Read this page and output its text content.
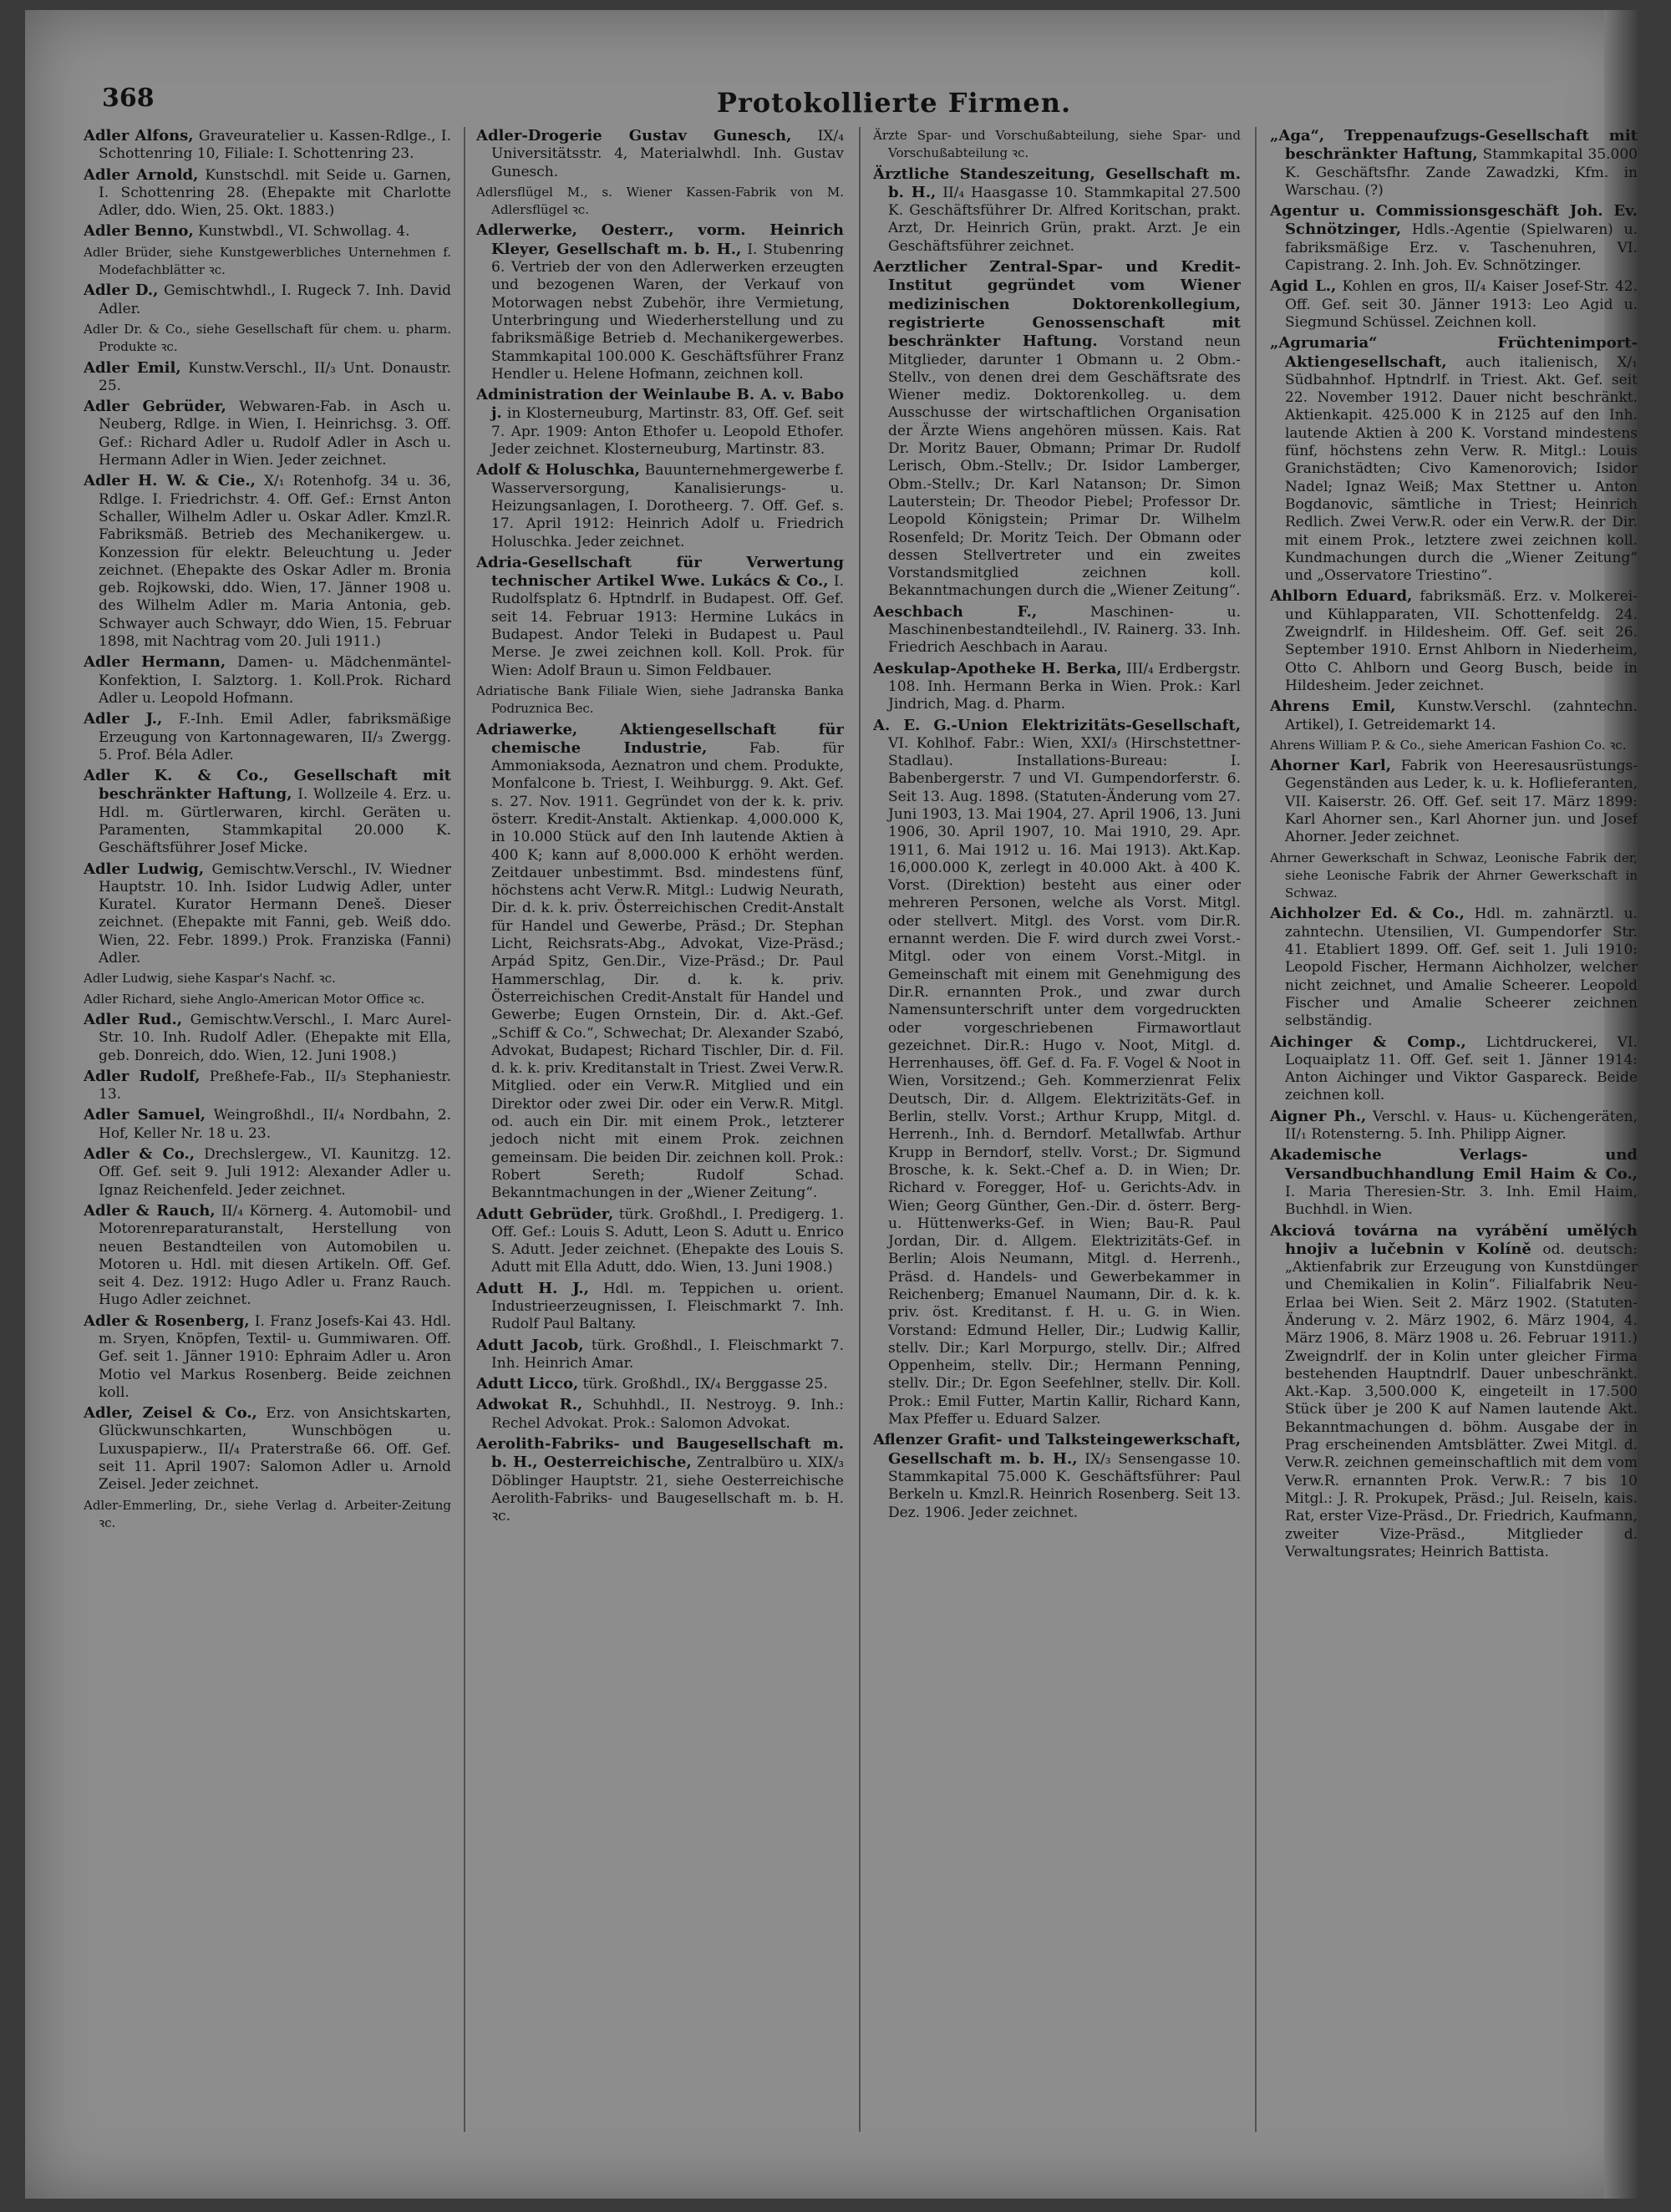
368	Protokollierte Firmen.

Adler Alfons, Graveuratelier u. Kassen-Rdlge., I. Schottenring 10, Filiale: I. Schottenring 23.

Adler Arnold, Kunstschdl. mit Seide u. Garnen, I. Schottenring 28. (Ehepakte mit Charlotte Adler, ddo. Wien, 25. Okt. 1883.)

Adler Benno, Kunstwbdl., VI. Schwollag. 4.

Adler Brüder, siehe Kunstgewerbliches Unternehmen f. Modefachblätter ꝛc.

Adler D., Gemischtwhdl., I. Rugeck 7. Inh. David Adler.

Adler Dr. & Co., siehe Gesellschaft für chem. u. pharm. Produkte ꝛc.

Adler Emil, Kunstw.Verschl., II/₃ Unt. Donaustr. 25.

Adler Gebrüder, Webwaren-Fab. in Asch u. Neuberg, Rdlge. in Wien, I. Heinrichsg. 3. Off. Gef.: Richard Adler u. Rudolf Adler in Asch u. Hermann Adler in Wien. Jeder zeichnet.

Adler H. W. & Cie., X/₁ Rotenhofg. 34 u. 36, Rdlge. I. Friedrichstr. 4. Off. Gef.: Ernst Anton Schaller, Wilhelm Adler u. Oskar Adler. Kmzl.R. Fabriksmäß. Betrieb des Mechanikergew. u. Konzession für elektr. Beleuchtung u. Jeder zeichnet. (Ehepakte des Oskar Adler m. Bronia geb. Rojkowski, ddo. Wien, 17. Jänner 1908 u. des Wilhelm Adler m. Maria Antonia, geb. Schwayer auch Schwayr, ddo Wien, 15. Februar 1898, mit Nachtrag vom 20. Juli 1911.)

Adler Hermann, Damen- u. Mädchenmäntel-Konfektion, I. Salztorg. 1. Koll.Prok. Richard Adler u. Leopold Hofmann.

Adler J., F.-Inh. Emil Adler, fabriksmäßige Erzeugung von Kartonnagewaren, II/₃ Zwergg. 5. Prof. Béla Adler.

Adler K. & Co., Gesellschaft mit beschränkter Haftung, I. Wollzeile 4. Erz. u. Hdl. m. Gürtlerwaren, kirchl. Geräten u. Paramenten, Stammkapital 20.000 K. Geschäftsführer Josef Micke.

Adler Ludwig, Gemischtw.Verschl., IV. Wiedner Hauptstr. 10. Inh. Isidor Ludwig Adler, unter Kuratel. Kurator Hermann Deneš. Dieser zeichnet. (Ehepakte mit Fanni, geb. Weiß ddo. Wien, 22. Febr. 1899.) Prok. Franziska (Fanni) Adler.

Adler Ludwig, siehe Kaspar's Nachf. ꝛc.

Adler Richard, siehe Anglo-American Motor Office ꝛc.

Adler Rud., Gemischtw.Verschl., I. Marc Aurel-Str. 10. Inh. Rudolf Adler. (Ehepakte mit Ella, geb. Donreich, ddo. Wien, 12. Juni 1908.)

Adler Rudolf, Preßhefe-Fab., II/₃ Stephaniestr. 13.

Adler Samuel, Weingroßhdl., II/₄ Nordbahn, 2. Hof, Keller Nr. 18 u. 23.

Adler & Co., Drechslergew., VI. Kaunitzg. 12. Off. Gef. seit 9. Juli 1912: Alexander Adler u. Ignaz Reichenfeld. Jeder zeichnet.

Adler & Rauch, II/₄ Körnerg. 4. Automobil- und Motorenreparaturanstalt, Herstellung von neuen Bestandteilen von Automobilen u. Motoren u. Hdl. mit diesen Artikeln. Off. Gef. seit 4. Dez. 1912: Hugo Adler u. Franz Rauch. Hugo Adler zeichnet.

Adler & Rosenberg, I. Franz Josefs-Kai 43. Hdl. m. Sryen, Knöpfen, Textil- u. Gummiwaren. Off. Gef. seit 1. Jänner 1910: Ephraim Adler u. Aron Motio vel Markus Rosenberg. Beide zeichnen koll.

Adler, Zeisel & Co., Erz. von Ansichtskarten, Glückwunschkarten, Wunschbögen u. Luxuspapierw., II/₄ Praterstraße 66. Off. Gef. seit 11. April 1907: Salomon Adler u. Arnold Zeisel. Jeder zeichnet.

Adler-Emmerling, Dr., siehe Verlag d. Arbeiter-Zeitung ꝛc.

Adler-Drogerie Gustav Gunesch, IX/₄ Universitätsstr. 4, Materialwhdl. Inh. Gustav Gunesch.

Adlersflügel M., s. Wiener Kassen-Fabrik von M. Adlersflügel ꝛc.

Adlerwerke, Oesterr., vorm. Heinrich Kleyer, Gesellschaft m. b. H., I. Stubenring 6. Vertrieb der von den Adlerwerken erzeugten und bezogenen Waren, der Verkauf von Motorwagen nebst Zubehör, ihre Vermietung, Unterbringung und Wiederherstellung und zu fabriksmäßige Betrieb d. Mechanikergewerbes. Stammkapital 100.000 K. Geschäftsführer Franz Hendler u. Helene Hofmann, zeichnen koll.

Administration der Weinlaube B. A. v. Babo j. in Klosterneuburg, Martinstr. 83, Off. Gef. seit 7. Apr. 1909: Anton Ethofer u. Leopold Ethofer. Jeder zeichnet. Klosterneuburg, Martinstr. 83.

Adolf & Holuschka, Bauunternehmergewerbe f. Wasserversorgung, Kanalisierungs- u. Heizungsanlagen, I. Dorotheerg. 7. Off. Gef. s. 17. April 1912: Heinrich Adolf u. Friedrich Holuschka. Jeder zeichnet.

Adria-Gesellschaft für Verwertung technischer Artikel Wwe. Lukács & Co., I. Rudolfsplatz 6. Hptndrlf. in Budapest. Off. Gef. seit 14. Februar 1913: Hermine Lukács in Budapest. Andor Teleki in Budapest u. Paul Merse. Je zwei zeichnen koll. Koll. Prok. für Wien: Adolf Braun u. Simon Feldbauer.

Adriatische Bank Filiale Wien, siehe Jadranska Banka Podruznica Bec.

Adriawerke, Aktiengesellschaft für chemische Industrie, Fab. für Ammoniaksoda, Aeznatron und chem. Produkte, Monfalcone b. Triest, I. Weihburgg. 9. Akt. Gef. s. 27. Nov. 1911. Gegründet von der k. k. priv. österr. Kredit-Anstalt. Aktienkap. 4,000.000 K, in 10.000 Stück auf den Inh lautende Aktien à 400 K; kann auf 8,000.000 K erhöht werden. Zeitdauer unbestimmt. Bsd. mindestens fünf, höchstens acht Verw.R. Mitgl.: Ludwig Neurath, Dir. d. k. k. priv. Österreichischen Credit-Anstalt für Handel und Gewerbe, Präsd.; Dr. Stephan Licht, Reichsrats-Abg., Advokat, Vize-Präsd.; Arpád Spitz, Gen.Dir., Vize-Präsd.; Dr. Paul Hammerschlag, Dir. d. k. k. priv. Österreichischen Credit-Anstalt für Handel und Gewerbe; Eugen Ornstein, Dir. d. Akt.-Gef. „Schiff & Co.“, Schwechat; Dr. Alexander Szabó, Advokat, Budapest; Richard Tischler, Dir. d. Fil. d. k. k. priv. Kreditanstalt in Triest. Zwei Verw.R. Mitglied. oder ein Verw.R. Mitglied und ein Direktor oder zwei Dir. oder ein Verw.R. Mitgl. od. auch ein Dir. mit einem Prok., letzterer jedoch nicht mit einem Prok. zeichnen gemeinsam. Die beiden Dir. zeichnen koll. Prok.: Robert Sereth; Rudolf Schad. Bekanntmachungen in der „Wiener Zeitung“.

Adutt Gebrüder, türk. Großhdl., I. Predigerg. 1. Off. Gef.: Louis S. Adutt, Leon S. Adutt u. Enrico S. Adutt. Jeder zeichnet. (Ehepakte des Louis S. Adutt mit Ella Adutt, ddo. Wien, 13. Juni 1908.)

Adutt H. J., Hdl. m. Teppichen u. orient. Industrieerzeugnissen, I. Fleischmarkt 7. Inh. Rudolf Paul Baltany.

Adutt Jacob, türk. Großhdl., I. Fleischmarkt 7. Inh. Heinrich Amar.

Adutt Licco, türk. Großhdl., IX/₄ Berggasse 25.

Adwokat R., Schuhhdl., II. Nestroyg. 9. Inh.: Rechel Advokat. Prok.: Salomon Advokat.

Aerolith-Fabriks- und Baugesellschaft m. b. H., Oesterreichische, Zentralbüro u. XIX/₃ Döblinger Hauptstr. 21, siehe Oesterreichische Aerolith-Fabriks- und Baugesellschaft m. b. H. ꝛc.

Ärzte Spar- und Vorschußabteilung, siehe Spar- und Vorschußabteilung ꝛc.

Ärztliche Standeszeitung, Gesellschaft m. b. H., II/₄ Haasgasse 10. Stammkapital 27.500 K. Geschäftsführer Dr. Alfred Koritschan, prakt. Arzt, Dr. Heinrich Grün, prakt. Arzt. Je ein Geschäftsführer zeichnet.

Aerztlicher Zentral-Spar- und Kredit-Institut gegründet vom Wiener medizinischen Doktorenkollegium, registrierte Genossenschaft mit beschränkter Haftung. Vorstand neun Mitglieder, darunter 1 Obmann u. 2 Obm.-Stellv., von denen drei dem Geschäftsrate des Wiener mediz. Doktorenkolleg. u. dem Ausschusse der wirtschaftlichen Organisation der Ärzte Wiens angehören müssen. Kais. Rat Dr. Moritz Bauer, Obmann; Primar Dr. Rudolf Lerisch, Obm.-Stellv.; Dr. Isidor Lamberger, Obm.-Stellv.; Dr. Karl Natanson; Dr. Simon Lauterstein; Dr. Theodor Piebel; Professor Dr. Leopold Königstein; Primar Dr. Wilhelm Rosenfeld; Dr. Moritz Teich. Der Obmann oder dessen Stellvertreter und ein zweites Vorstandsmitglied zeichnen koll. Bekanntmachungen durch die „Wiener Zeitung“.

Aeschbach F., Maschinen- u. Maschinenbestandteilehdl., IV. Rainerg. 33. Inh. Friedrich Aeschbach in Aarau.

Aeskulap-Apotheke H. Berka, III/₄ Erdbergstr. 108. Inh. Hermann Berka in Wien. Prok.: Karl Jindrich, Mag. d. Pharm.

A. E. G.-Union Elektrizitäts-Gesellschaft, VI. Kohlhof. Fabr.: Wien, XXI/₃ (Hirschstettner-Stadlau). Installations-Bureau: I. Babenbergerstr. 7 und VI. Gumpendorferstr. 6. Seit 13. Aug. 1898. (Statuten-Änderung vom 27. Juni 1903, 13. Mai 1904, 27. April 1906, 13. Juni 1906, 30. April 1907, 10. Mai 1910, 29. Apr. 1911, 6. Mai 1912 u. 16. Mai 1913). Akt.Kap. 16,000.000 K, zerlegt in 40.000 Akt. à 400 K. Vorst. (Direktion) besteht aus einer oder mehreren Personen, welche als Vorst. Mitgl. oder stellvert. Mitgl. des Vorst. vom Dir.R. ernannt werden. Die F. wird durch zwei Vorst.-Mitgl. oder von einem Vorst.-Mitgl. in Gemeinschaft mit einem mit Genehmigung des Dir.R. ernannten Prok., und zwar durch Namensunterschrift unter dem vorgedruckten oder vorgeschriebenen Firmawortlaut gezeichnet. Dir.R.: Hugo v. Noot, Mitgl. d. Herrenhauses, öff. Gef. d. Fa. F. Vogel & Noot in Wien, Vorsitzend.; Geh. Kommerzienrat Felix Deutsch, Dir. d. Allgem. Elektrizitäts-Gef. in Berlin, stellv. Vorst.; Arthur Krupp, Mitgl. d. Herrenh., Inh. d. Berndorf. Metallwfab. Arthur Krupp in Berndorf, stellv. Vorst.; Dr. Sigmund Brosche, k. k. Sekt.-Chef a. D. in Wien; Dr. Richard v. Foregger, Hof- u. Gerichts-Adv. in Wien; Georg Günther, Gen.-Dir. d. österr. Berg- u. Hüttenwerks-Gef. in Wien; Bau-R. Paul Jordan, Dir. d. Allgem. Elektrizitäts-Gef. in Berlin; Alois Neumann, Mitgl. d. Herrenh., Präsd. d. Handels- und Gewerbekammer in Reichenberg; Emanuel Naumann, Dir. d. k. k. priv. öst. Kreditanst. f. H. u. G. in Wien. Vorstand: Edmund Heller, Dir.; Ludwig Kallir, stellv. Dir.; Karl Morpurgo, stellv. Dir.; Alfred Oppenheim, stellv. Dir.; Hermann Penning, stellv. Dir.; Dr. Egon Seefehlner, stellv. Dir. Koll. Prok.: Emil Futter, Martin Kallir, Richard Kann, Max Pfeffer u. Eduard Salzer.

Aflenzer Grafit- und Talksteingewerkschaft, Gesellschaft m. b. H., IX/₃ Sensengasse 10. Stammkapital 75.000 K. Geschäftsführer: Paul Berkeln u. Kmzl.R. Heinrich Rosenberg. Seit 13. Dez. 1906. Jeder zeichnet.

„Aga“, Treppenaufzugs-Gesellschaft mit beschränkter Haftung, Stammkapital 35.000 K. Geschäftsfhr. Zande Zawadzki, Kfm. in Warschau. (?)

Agentur u. Commissionsgeschäft Joh. Ev. Schnötzinger, Hdls.-Agentie (Spielwaren) u. fabriksmäßige Erz. v. Taschenuhren, VI. Capistrang. 2. Inh. Joh. Ev. Schnötzinger.

Agid L., Kohlen en gros, II/₄ Kaiser Josef-Str. 42. Off. Gef. seit 30. Jänner 1913: Leo Agid u. Siegmund Schüssel. Zeichnen koll.

„Agrumaria“ Früchtenimport-Aktiengesellschaft, auch italienisch, X/₁ Südbahnhof. Hptndrlf. in Triest. Akt. Gef. seit 22. November 1912. Dauer nicht beschränkt. Aktienkapit. 425.000 K in 2125 auf den Inh. lautende Aktien à 200 K. Vorstand mindestens fünf, höchstens zehn Verw. R. Mitgl.: Louis Granichstädten; Civo Kamenorovich; Isidor Nadel; Ignaz Weiß; Max Stettner u. Anton Bogdanovic, sämtliche in Triest; Heinrich Redlich. Zwei Verw.R. oder ein Verw.R. der Dir. mit einem Prok., letztere zwei zeichnen koll. Kundmachungen durch die „Wiener Zeitung“ und „Osservatore Triestino“.

Ahlborn Eduard, fabriksmäß. Erz. v. Molkerei- und Kühlapparaten, VII. Schottenfeldg. 24. Zweigndrlf. in Hildesheim. Off. Gef. seit 26. September 1910. Ernst Ahlborn in Niederheim, Otto C. Ahlborn und Georg Busch, beide in Hildesheim. Jeder zeichnet.

Ahrens Emil, Kunstw.Verschl. (zahntechn. Artikel), I. Getreidemarkt 14.

Ahrens William P. & Co., siehe American Fashion Co. ꝛc.

Ahorner Karl, Fabrik von Heeresausrüstungs-Gegenständen aus Leder, k. u. k. Hoflieferanten, VII. Kaiserstr. 26. Off. Gef. seit 17. März 1899: Karl Ahorner sen., Karl Ahorner jun. und Josef Ahorner. Jeder zeichnet.

Ahrner Gewerkschaft in Schwaz, Leonische Fabrik der, siehe Leonische Fabrik der Ahrner Gewerkschaft in Schwaz.

Aichholzer Ed. & Co., Hdl. m. zahnärztl. u. zahntechn. Utensilien, VI. Gumpendorfer Str. 41. Etabliert 1899. Off. Gef. seit 1. Juli 1910: Leopold Fischer, Hermann Aichholzer, welcher nicht zeichnet, und Amalie Scheerer. Leopold Fischer und Amalie Scheerer zeichnen selbständig.

Aichinger & Comp., Lichtdruckerei, VI. Loquaiplatz 11. Off. Gef. seit 1. Jänner 1914: Anton Aichinger und Viktor Gaspareck. Beide zeichnen koll.

Aigner Ph., Verschl. v. Haus- u. Küchengeräten, II/₁ Rotensterng. 5. Inh. Philipp Aigner.

Akademische Verlags- und Versandbuchhandlung Emil Haim & Co., I. Maria Theresien-Str. 3. Inh. Emil Haim, Buchhdl. in Wien.

Akciová továrna na vyrábění umělých hnojiv a lučebnin v Kolíně od. deutsch: „Aktienfabrik zur Erzeugung von Kunstdünger und Chemikalien in Kolin“. Filialfabrik Neu-Erlaa bei Wien. Seit 2. März 1902. (Statuten-Änderung v. 2. März 1902, 6. März 1904, 4. März 1906, 8. März 1908 u. 26. Februar 1911.) Zweigndrlf. der in Kolin unter gleicher Firma bestehenden Hauptndrlf. Dauer unbeschränkt. Akt.-Kap. 3,500.000 K, eingeteilt in 17.500 Stück über je 200 K auf Namen lautende Akt. Bekanntmachungen d. böhm. Ausgabe der in Prag erscheinenden Amtsblätter. Zwei Mitgl. d. Verw.R. zeichnen gemeinschaftlich mit dem vom Verw.R. ernannten Prok. Verw.R.: 7 bis 10 Mitgl.: J. R. Prokupek, Präsd.; Jul. Reiseln, kais. Rat, erster Vize-Präsd., Dr. Friedrich, Kaufmann, zweiter Vize-Präsd., Mitglieder d. Verwaltungsrates; Heinrich Battista.
